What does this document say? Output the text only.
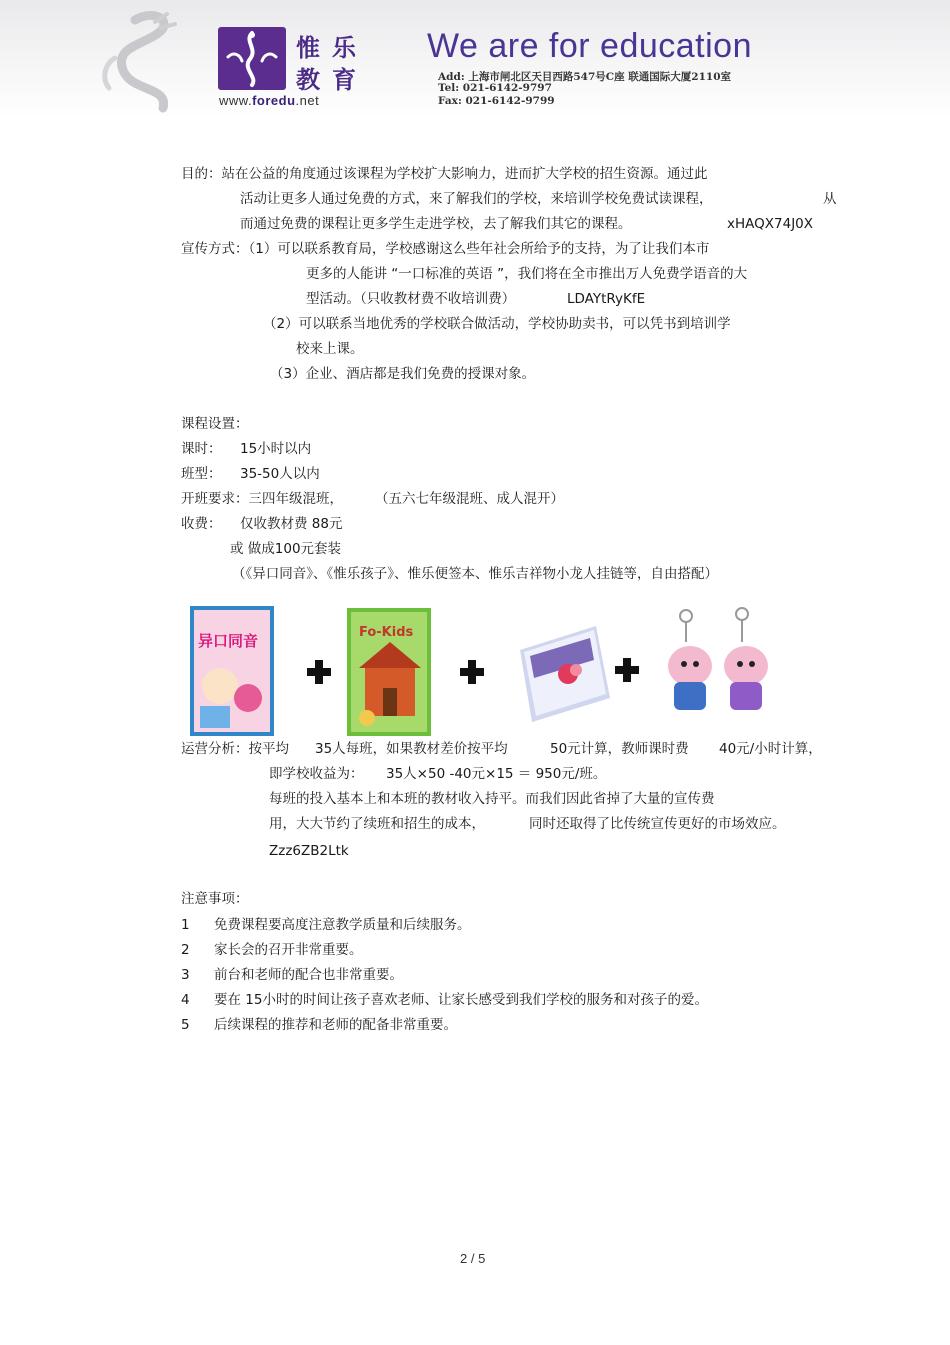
惟 乐
教 育
www.foredu.net
We are for education
Add: 上海市闸北区天目西路547号C座 联通国际大厦2110室
Tel: 021-6142-9797
Fax: 021-6142-9799
目的：站在公益的角度通过该课程为学校扩大影响力，进而扩大学校的招生资源。通过此
活动让更多人通过免费的方式，来了解我们的学校，来培训学校免费试读课程，	从
而通过免费的课程让更多学生走进学校，去了解我们其它的课程。	xHAQX74J0X
宣传方式：（1）可以联系教育局，学校感谢这么些年社会所给予的支持，为了让我们本市
更多的人能讲 “一口标准的英语 ”，我们将在全市推出万人免费学语音的大
型活动。（只收教材费不收培训费）	LDAYtRyKfE
（2）可以联系当地优秀的学校联合做活动，学校协助卖书，可以凭书到培训学
校来上课。
（3）企业、酒店都是我们免费的授课对象。
课程设置：
课时： 15小时以内
班型： 35-50人以内
开班要求：三四年级混班， （五六七年级混班、成人混开）
收费： 仅收教材费 88元
或 做成100元套装
（《异口同音》、《惟乐孩子》、惟乐便签本、惟乐吉祥物小龙人挂链等，自由搭配）
异口同音	Fo-Kids
运营分析：按平均 35人每班，如果教材差价按平均	50元计算，教师课时费 40元/小时计算，
即学校收益为： 35人×50 -40元×15 ＝ 950元/班。
每班的投入基本上和本班的教材收入持平。而我们因此省掉了大量的宣传费
用，大大节约了续班和招生的成本，	同时还取得了比传统宣传更好的市场效应。
Zzz6ZB2Ltk
注意事项：
1 免费课程要高度注意教学质量和后续服务。
2 家长会的召开非常重要。
3 前台和老师的配合也非常重要。
4 要在 15小时的时间让孩子喜欢老师、让家长感受到我们学校的服务和对孩子的爱。
5 后续课程的推荐和老师的配备非常重要。
2 / 5
